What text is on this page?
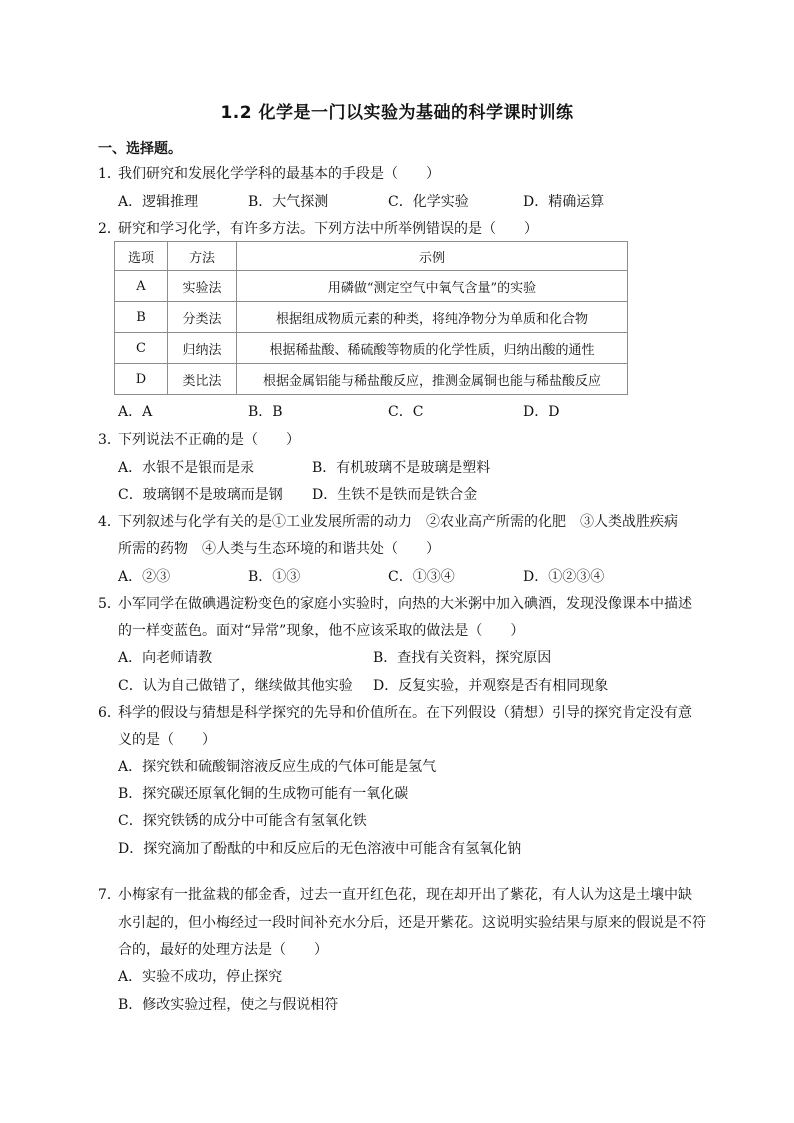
1.2 化学是一门以实验为基础的科学课时训练
一、选择题。
1．
我们研究和发展化学学科的最基本的手段是（　　）
A．逻辑推理	B．大气探测	C．化学实验	D．精确运算
2．
研究和学习化学，有许多方法。下列方法中所举例错误的是（　　）
选项	方法	示例
A	实验法	用磷做“测定空气中氧气含量”的实验
B	分类法	根据组成物质元素的种类，将纯净物分为单质和化合物
C	归纳法	根据稀盐酸、稀硫酸等物质的化学性质，归纳出酸的通性
D	类比法	根据金属铝能与稀盐酸反应，推测金属铜也能与稀盐酸反应
A．A	B．B	C．C	D．D
3．
下列说法不正确的是（　　）
A．水银不是银而是汞	B．有机玻璃不是玻璃是塑料
C．玻璃钢不是玻璃而是钢 D．生铁不是铁而是铁合金
4．
下列叙述与化学有关的是①工业发展所需的动力　②农业高产所需的化肥　③人类战胜疾病
所需的药物　④人类与生态环境的和谐共处（　　）
A．②③	B．①③	C．①③④	D．①②③④
5．
小军同学在做碘遇淀粉变色的家庭小实验时，向热的大米粥中加入碘酒，发现没像课本中描述
的一样变蓝色。面对“异常”现象，他不应该采取的做法是（　　）
A．向老师请教	B．查找有关资料，探究原因
C．认为自己做错了，继续做其他实验 D．反复实验，并观察是否有相同现象
6．
科学的假设与猜想是科学探究的先导和价值所在。在下列假设（猜想）引导的探究肯定没有意
义的是（　　）
A．探究铁和硫酸铜溶液反应生成的气体可能是氢气
B．探究碳还原氧化铜的生成物可能有一氧化碳
C．探究铁锈的成分中可能含有氢氧化铁
D．探究滴加了酚酞的中和反应后的无色溶液中可能含有氢氧化钠
7．
小梅家有一批盆栽的郁金香，过去一直开红色花，现在却开出了紫花，有人认为这是土壤中缺
水引起的，但小梅经过一段时间补充水分后，还是开紫花。这说明实验结果与原来的假说是不符
合的，最好的处理方法是（　　）
A．实验不成功，停止探究
B．修改实验过程，使之与假说相符
